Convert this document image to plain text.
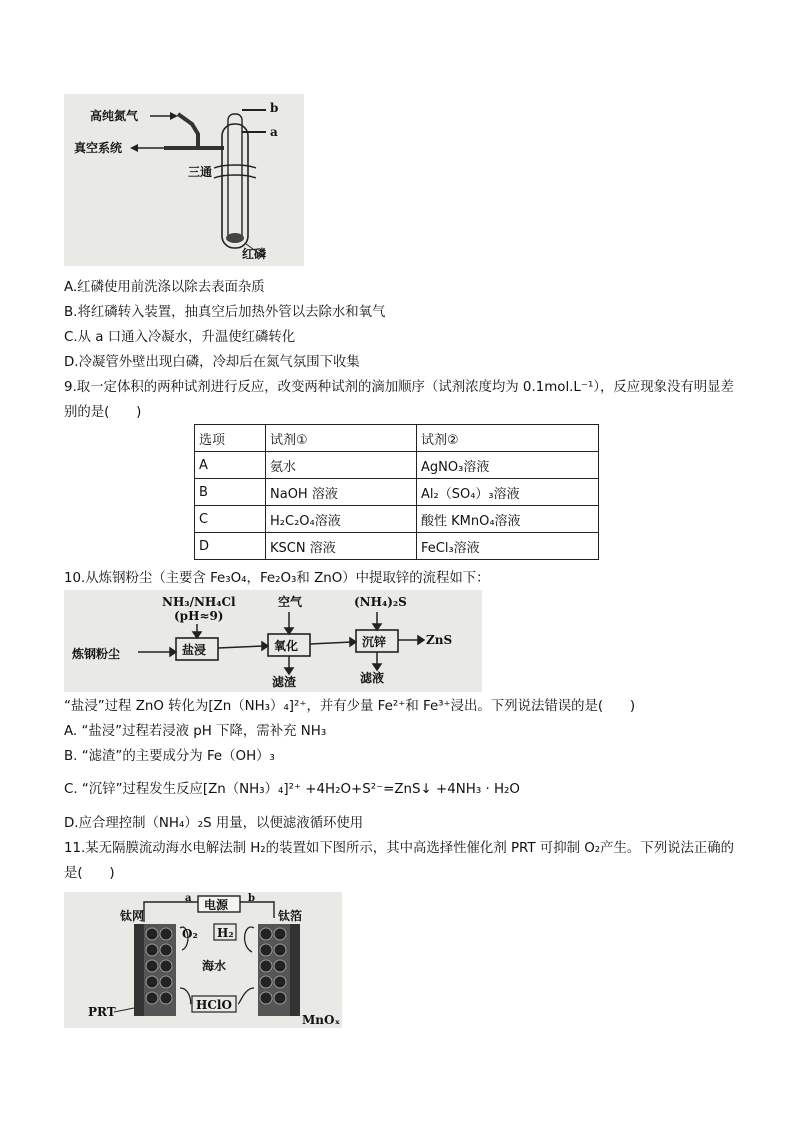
高纯氮气
真空系统
三通
b
a
红磷
A.红磷使用前洗涤以除去表面杂质
B.将红磷转入装置，抽真空后加热外管以去除水和氧气
C.从 a 口通入冷凝水，升温使红磷转化
D.冷凝管外壁出现白磷，冷却后在氮气氛围下收集
9.取一定体积的两种试剂进行反应，改变两种试剂的滴加顺序（试剂浓度均为 0.1mol.L⁻¹），反应现象没有明显差别的是(　　)
选项	试剂①	试剂②
A	氨水	AgNO₃溶液
B	NaOH 溶液	Al₂（SO₄）₃溶液
C	H₂C₂O₄溶液	酸性 KMnO₄溶液
D	KSCN 溶液	FeCl₃溶液
10.从炼钢粉尘（主要含 Fe₃O₄，Fe₂O₃和 ZnO）中提取锌的流程如下：
NH₃/NH₄Cl
(pH≈9)
空气	(NH₄)₂S
炼钢粉尘	盐浸	氧化	沉锌	ZnS
滤渣	滤液
“盐浸”过程 ZnO 转化为[Zn（NH₃）₄]²⁺，并有少量 Fe²⁺和 Fe³⁺浸出。下列说法错误的是(　　)
A. “盐浸”过程若浸液 pH 下降，需补充 NH₃
B. “滤渣”的主要成分为 Fe（OH）₃
C. “沉锌”过程发生反应[Zn（NH₃）₄]²⁺ +4H₂O+S²⁻=ZnS↓ +4NH₃ · H₂O
D.应合理控制（NH₄）₂S 用量，以便滤液循环使用
11.某无隔膜流动海水电解法制 H₂的装置如下图所示，其中高选择性催化剂 PRT 可抑制 O₂产生。下列说法正确的是(　　)
电源
a	b
钛网	钛箔
O₂ H₂
海水
HClO
PRT
MnOₓ
